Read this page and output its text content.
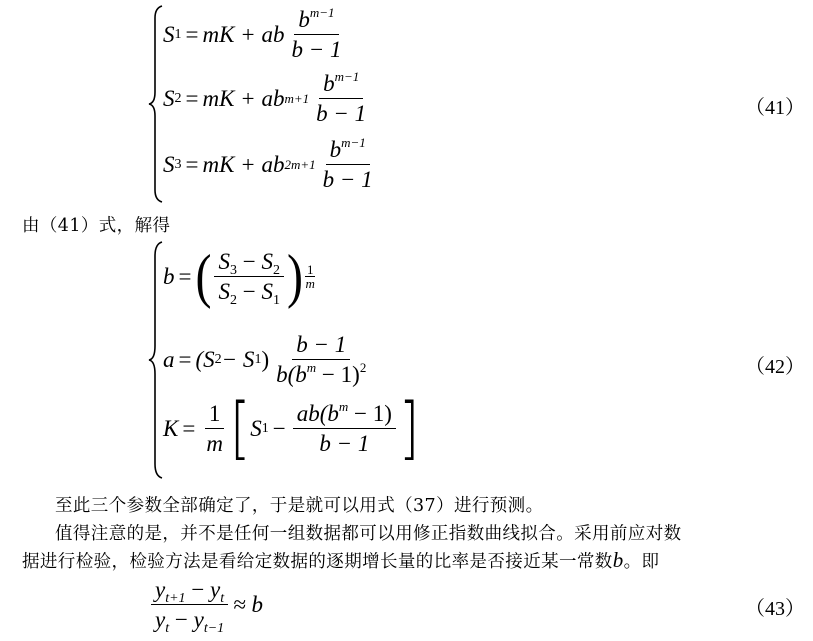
S 1 = mK + ab $\frac{b^{m-1}}{b - 1}$
S 2 = mK + ab $m+1 \frac{b^{m-1}}{b - 1}$
S 3 = mK + ab $2m+1 \frac{b^{m-1}}{b - 1}$
（41）
由（41）式，解得
b = ( $\frac{S_3 - S_2}{S_2 - S_1}$ ) 1
m
a = (S 2 − S 1 ) $\frac{b - 1}{b(b^m - 1)^2}$
$K = \frac{1}{m}$ [ S $1 - \frac{ab(b^m - 1)}{b - 1}$ ]
（42）
至此三个参数全部确定了，于是就可以用式（37）进行预测。
值得注意的是，并不是任何一组数据都可以用修正指数曲线拟合。采用前应对数
据进行检验，检验方法是看给定数据的逐期增长量的比率是否接近某一常数b。即
$\frac{y_{t+1} - y_t}{y_t - y_{t-1}} \approx b$	（43）
